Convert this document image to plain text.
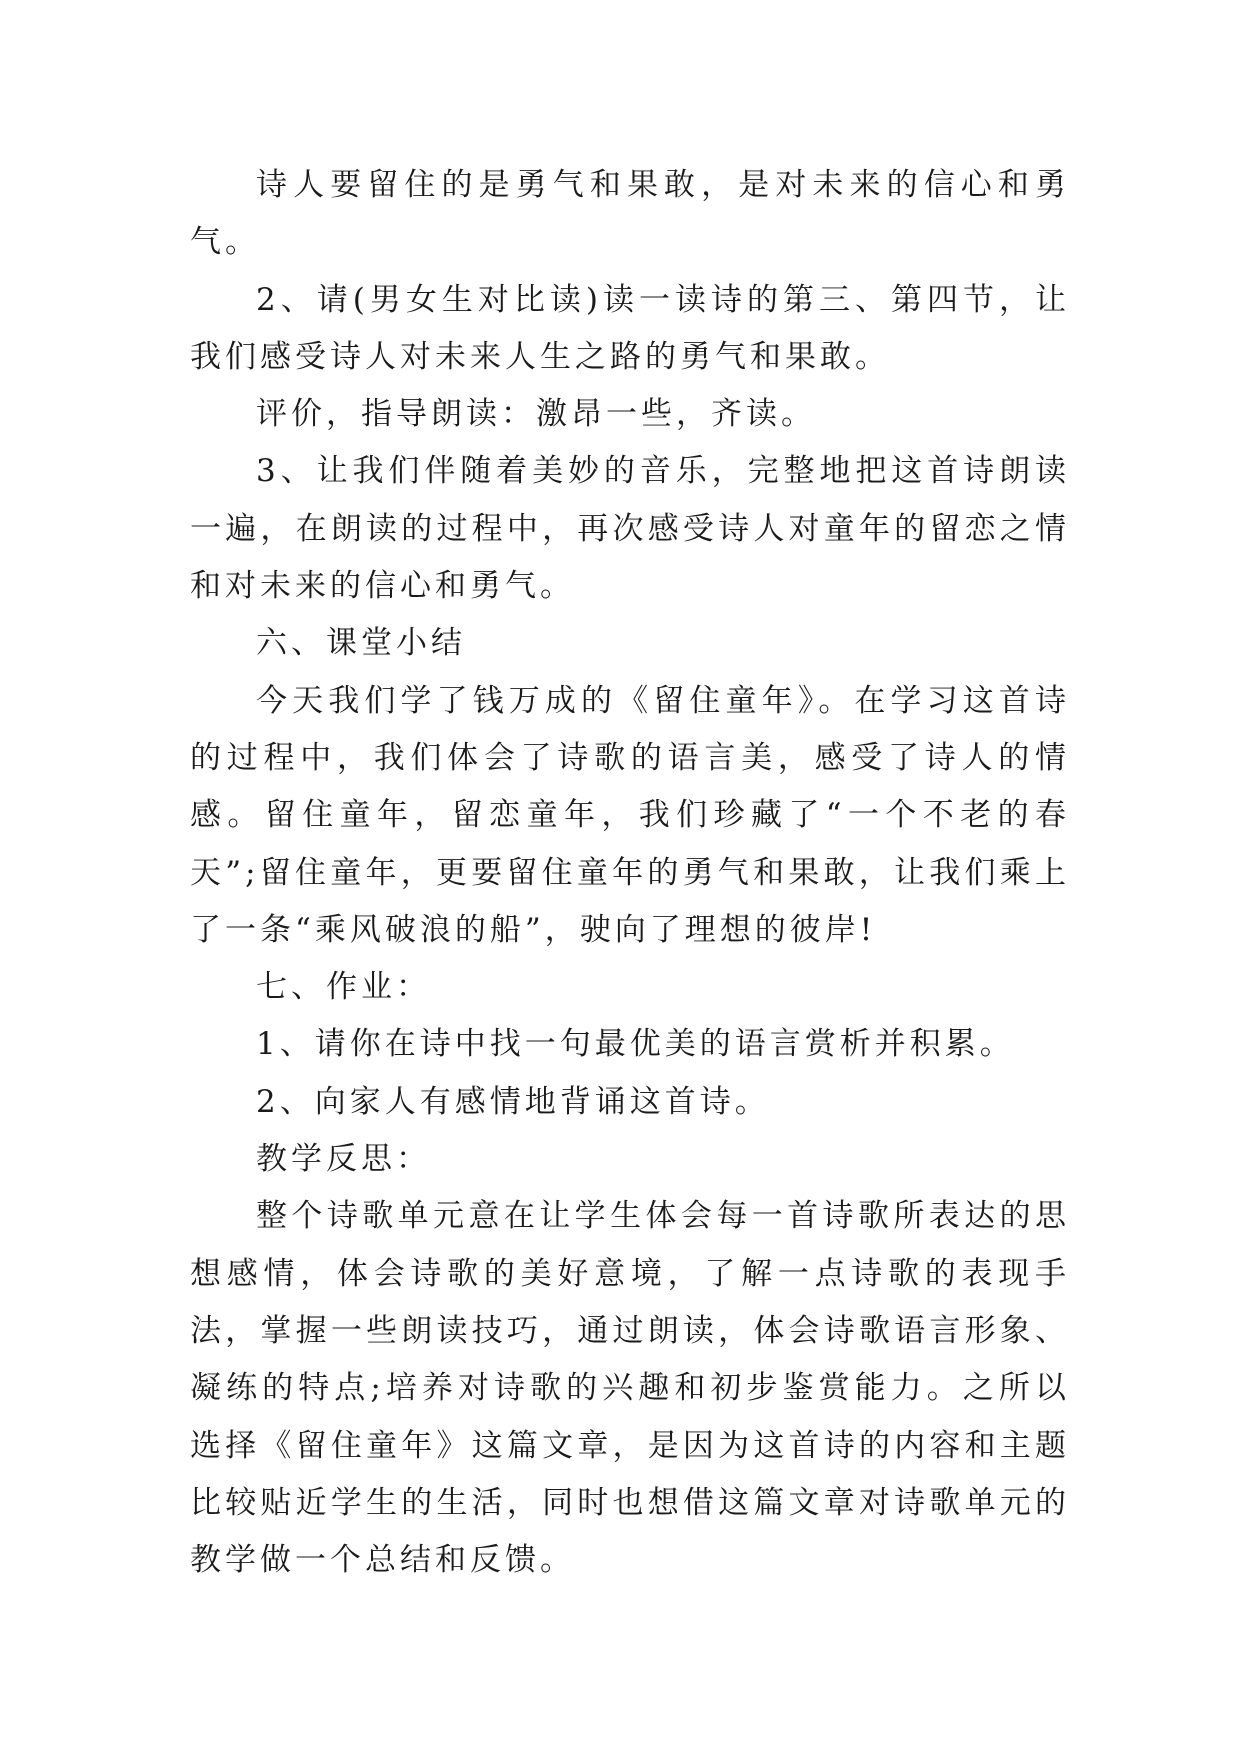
诗人要留住的是勇气和果敢，是对未来的信心和勇气。

2、请(男女生对比读)读一读诗的第三、第四节，让我们感受诗人对未来人生之路的勇气和果敢。

评价，指导朗读：激昂一些，齐读。

3、让我们伴随着美妙的音乐，完整地把这首诗朗读一遍，在朗读的过程中，再次感受诗人对童年的留恋之情和对未来的信心和勇气。

六、课堂小结

今天我们学了钱万成的《留住童年》。在学习这首诗的过程中，我们体会了诗歌的语言美，感受了诗人的情感。留住童年，留恋童年，我们珍藏了“一个不老的春天”;留住童年，更要留住童年的勇气和果敢，让我们乘上了一条“乘风破浪的船”，驶向了理想的彼岸!

七、作业：

1、请你在诗中找一句最优美的语言赏析并积累。

2、向家人有感情地背诵这首诗。

教学反思：

整个诗歌单元意在让学生体会每一首诗歌所表达的思想感情，体会诗歌的美好意境，了解一点诗歌的表现手法，掌握一些朗读技巧，通过朗读，体会诗歌语言形象、凝练的特点;培养对诗歌的兴趣和初步鉴赏能力。之所以选择《留住童年》这篇文章，是因为这首诗的内容和主题比较贴近学生的生活，同时也想借这篇文章对诗歌单元的教学做一个总结和反馈。
